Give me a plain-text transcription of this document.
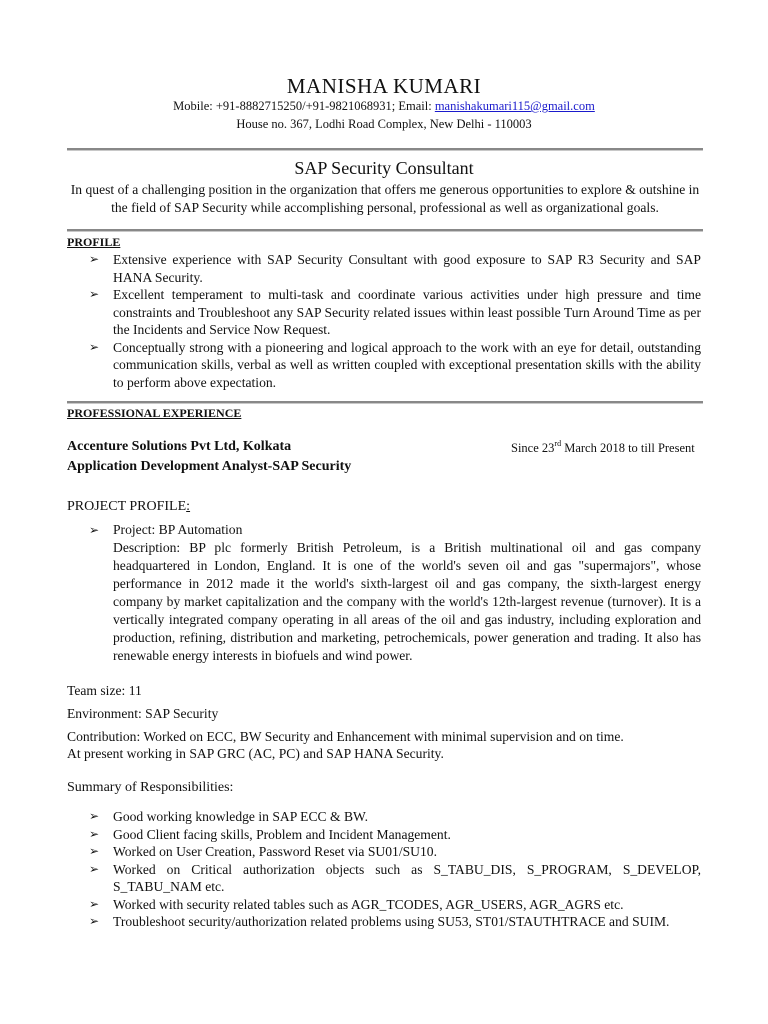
MANISHA KUMARI
Mobile: +91-8882715250/+91-9821068931; Email: manishakumari115@gmail.com
House no. 367, Lodhi Road Complex, New Delhi - 110003
SAP Security Consultant
In quest of a challenging position in the organization that offers me generous opportunities to explore & outshine in the field of SAP Security while accomplishing personal, professional as well as organizational goals.
PROFILE
➢ Extensive experience with SAP Security Consultant with good exposure to SAP R3 Security and SAP HANA Security.
➢ Excellent temperament to multi-task and coordinate various activities under high pressure and time constraints and Troubleshoot any SAP Security related issues within least possible Turn Around Time as per the Incidents and Service Now Request.
➢ Conceptually strong with a pioneering and logical approach to the work with an eye for detail, outstanding communication skills, verbal as well as written coupled with exceptional presentation skills with the ability to perform above expectation.
PROFESSIONAL EXPERIENCE
Accenture Solutions Pvt Ltd, Kolkata	Since 23rd March 2018 to till Present
Application Development Analyst-SAP Security
PROJECT PROFILE:
➢ Project: BP Automation
Description: BP plc formerly British Petroleum, is a British multinational oil and gas company headquartered in London, England. It is one of the world's seven oil and gas "supermajors", whose performance in 2012 made it the world's sixth-largest oil and gas company, the sixth-largest energy company by market capitalization and the company with the world's 12th-largest revenue (turnover). It is a vertically integrated company operating in all areas of the oil and gas industry, including exploration and production, refining, distribution and marketing, petrochemicals, power generation and trading. It also has renewable energy interests in biofuels and wind power.
Team size: 11
Environment: SAP Security
Contribution: Worked on ECC, BW Security and Enhancement with minimal supervision and on time.
At present working in SAP GRC (AC, PC) and SAP HANA Security.
Summary of Responsibilities:
➢ Good working knowledge in SAP ECC & BW.
➢ Good Client facing skills, Problem and Incident Management.
➢ Worked on User Creation, Password Reset via SU01/SU10.
➢ Worked on Critical authorization objects such as S_TABU_DIS, S_PROGRAM, S_DEVELOP, S_TABU_NAM etc.
➢ Worked with security related tables such as AGR_TCODES, AGR_USERS, AGR_AGRS etc.
➢ Troubleshoot security/authorization related problems using SU53, ST01/STAUTHTRACE and SUIM.
